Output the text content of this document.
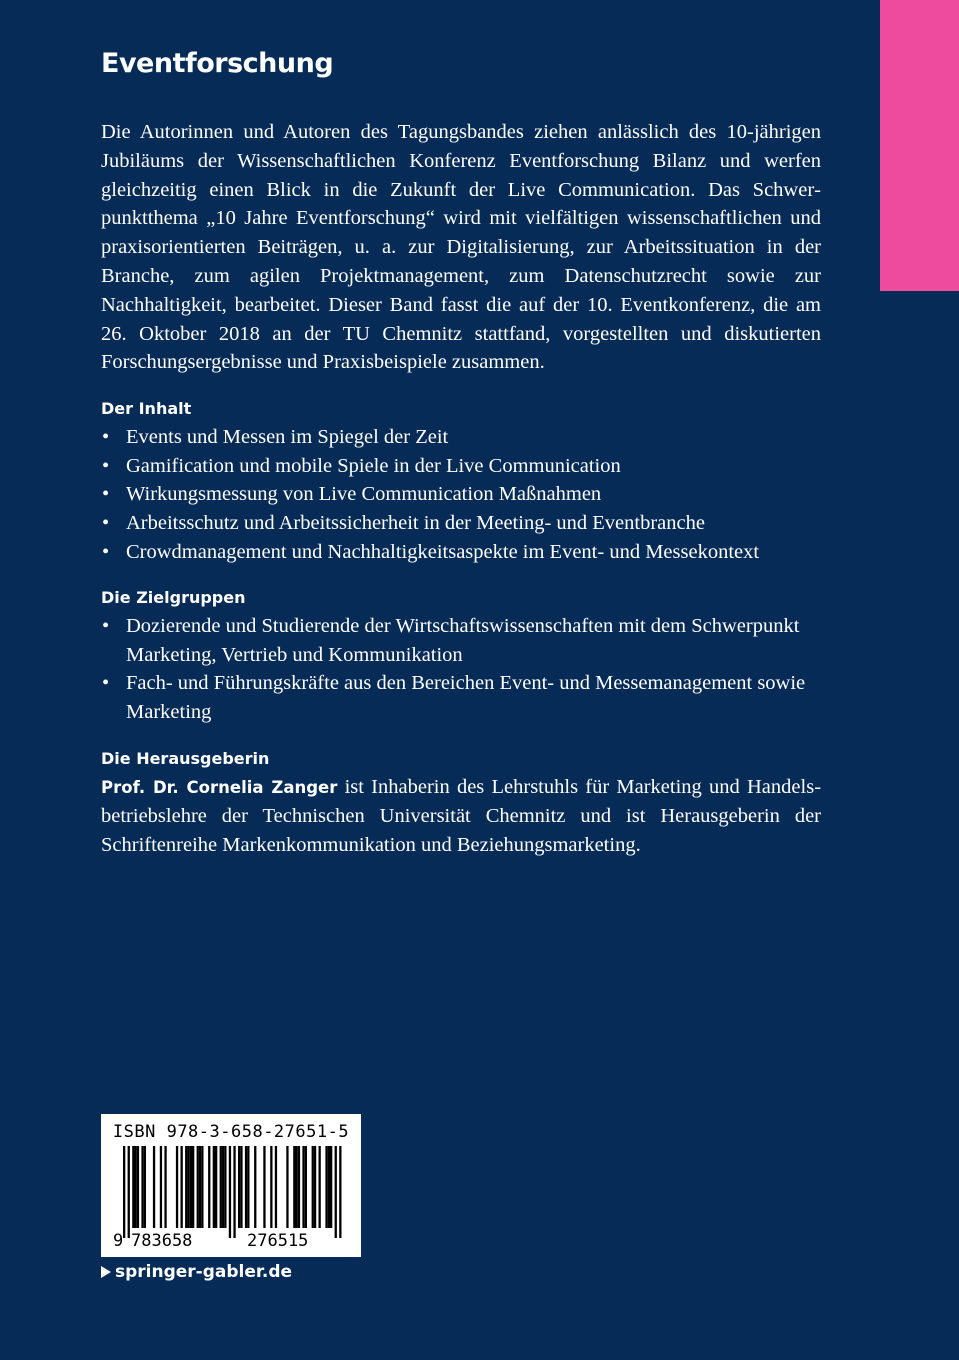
Eventforschung

Die Autorinnen und Autoren des Tagungsbandes ziehen anlässlich des 10-jährigen Jubiläums der Wissenschaftlichen Konferenz Eventforschung Bilanz und werfen gleichzeitig einen Blick in die Zukunft der Live Communication. Das Schwerpunktthema „10 Jahre Eventforschung“ wird mit vielfältigen wissenschaftlichen und praxisorientierten Beiträgen, u. a. zur Digitalisierung, zur Arbeitssituation in der Branche, zum agilen Projektmanagement, zum Datenschutzrecht sowie zur Nachhaltigkeit, bearbeitet. Dieser Band fasst die auf der 10. Eventkonferenz, die am 26. Oktober 2018 an der TU Chemnitz stattfand, vorgestellten und diskutierten Forschungsergebnisse und Praxisbeispiele zusammen.

Der Inhalt
• Events und Messen im Spiegel der Zeit
• Gamification und mobile Spiele in der Live Communication
• Wirkungsmessung von Live Communication Maßnahmen
• Arbeitsschutz und Arbeitssicherheit in der Meeting- und Eventbranche
• Crowdmanagement und Nachhaltigkeitsaspekte im Event- und Messekontext
Die Zielgruppen
• Dozierende und Studierende der Wirtschaftswissenschaften mit dem Schwerpunkt Marketing, Vertrieb und Kommunikation
• Fach- und Führungskräfte aus den Bereichen Event- und Messemanagement sowie Marketing
Die Herausgeberin

Prof. Dr. Cornelia Zanger ist Inhaberin des Lehrstuhls für Marketing und Handelsbetriebslehre der Technischen Universität Chemnitz und ist Herausgeberin der Schriftenreihe Markenkommunikation und Beziehungsmarketing.

ISBN 978-3-658-27651-5
9 783658	276515
springer-gabler.de
